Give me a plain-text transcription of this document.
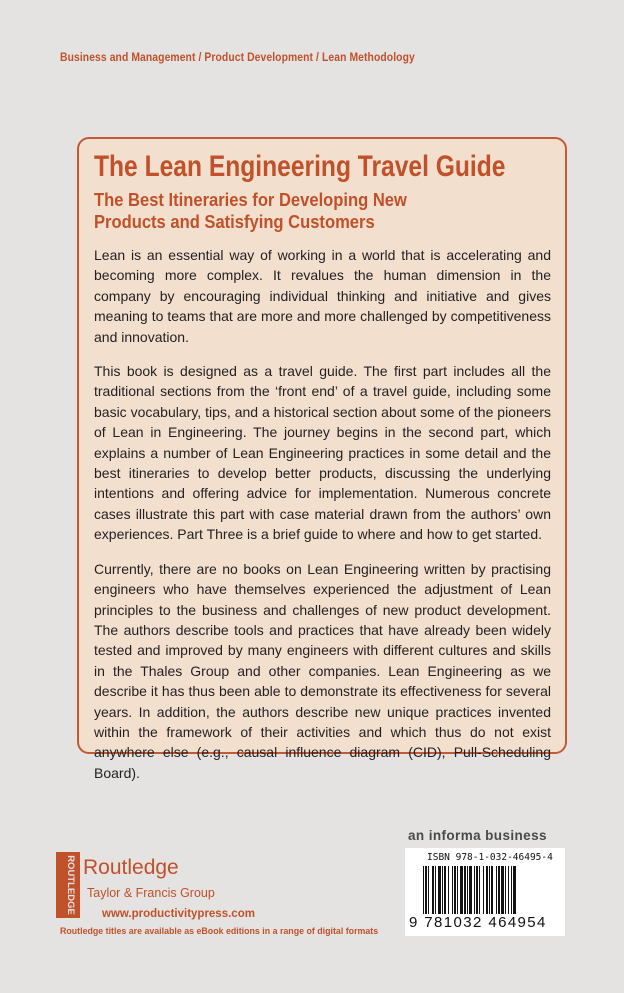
Business and Management / Product Development / Lean Methodology
The Lean Engineering Travel Guide
The Best Itineraries for Developing New Products and Satisfying Customers

Lean is an essential way of working in a world that is accelerating and becoming more complex. It revalues the human dimension in the company by encouraging individual thinking and initiative and gives meaning to teams that are more and more challenged by competitiveness and innovation.

This book is designed as a travel guide. The first part includes all the traditional sections from the ‘front end’ of a travel guide, including some basic vocabulary, tips, and a historical section about some of the pioneers of Lean in Engineering. The journey begins in the second part, which explains a number of Lean Engineering practices in some detail and the best itineraries to develop better products, discussing the underlying intentions and offering advice for implementation. Numerous concrete cases illustrate this part with case material drawn from the authors’ own experiences. Part Three is a brief guide to where and how to get started.

Currently, there are no books on Lean Engineering written by practising engineers who have themselves experienced the adjustment of Lean principles to the business and challenges of new product development. The authors describe tools and practices that have already been widely tested and improved by many engineers with different cultures and skills in the Thales Group and other companies. Lean Engineering as we describe it has thus been able to demonstrate its effectiveness for several years. In addition, the authors describe new unique practices invented within the framework of their activities and which thus do not exist anywhere else (e.g., causal influence diagram (CID), Pull-Scheduling Board).

an informa business
ISBN 978-1-032-46495-4
9 781032 464954
ROUTLEDGE Routledge
Taylor & Francis Group
www.productivitypress.com
Routledge titles are available as eBook editions in a range of digital formats
